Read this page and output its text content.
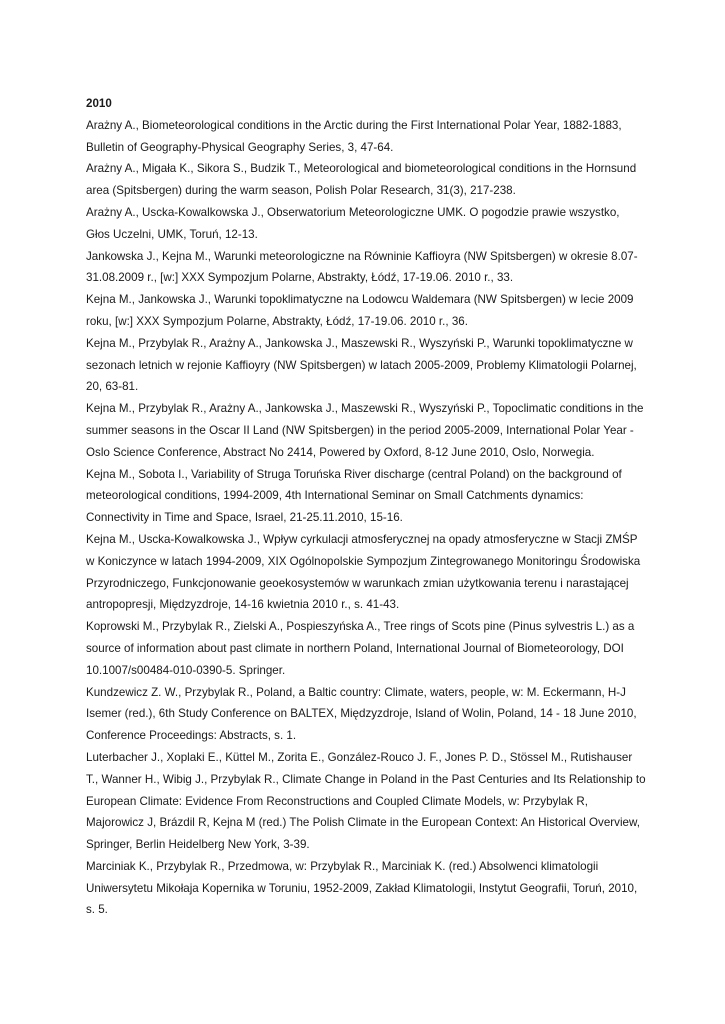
2010

Arażny A., Biometeorological conditions in the Arctic during the First International Polar Year, 1882-1883, Bulletin of Geography-Physical Geography Series, 3, 47-64.

Arażny A., Migała K., Sikora S., Budzik T., Meteorological and biometeorological conditions in the Hornsund area (Spitsbergen) during the warm season, Polish Polar Research, 31(3), 217-238.

Arażny A., Uscka-Kowalkowska J., Obserwatorium Meteorologiczne UMK. O pogodzie prawie wszystko, Głos Uczelni, UMK, Toruń, 12-13.

Jankowska J., Kejna M., Warunki meteorologiczne na Równinie Kaffioyra (NW Spitsbergen) w okresie 8.07-31.08.2009 r., [w:] XXX Sympozjum Polarne, Abstrakty, Łódź, 17-19.06. 2010 r., 33.

Kejna M., Jankowska J., Warunki topoklimatyczne na Lodowcu Waldemara (NW Spitsbergen) w lecie 2009 roku, [w:] XXX Sympozjum Polarne, Abstrakty, Łódź, 17-19.06. 2010 r., 36.

Kejna M., Przybylak R., Arażny A., Jankowska J., Maszewski R., Wyszyński P., Warunki topoklimatyczne w sezonach letnich w rejonie Kaffioyry (NW Spitsbergen) w latach 2005-2009, Problemy Klimatologii Polarnej, 20, 63-81.

Kejna M., Przybylak R., Arażny A., Jankowska J., Maszewski R., Wyszyński P., Topoclimatic conditions in the summer seasons in the Oscar II Land (NW Spitsbergen) in the period 2005-2009, International Polar Year - Oslo Science Conference, Abstract No 2414, Powered by Oxford, 8-12 June 2010, Oslo, Norwegia.

Kejna M., Sobota I., Variability of Struga Toruńska River discharge (central Poland) on the background of meteorological conditions, 1994-2009, 4th International Seminar on Small Catchments dynamics: Connectivity in Time and Space, Israel, 21-25.11.2010, 15-16.

Kejna M., Uscka-Kowalkowska J., Wpływ cyrkulacji atmosferycznej na opady atmosferyczne w Stacji ZMŚP w Koniczynce w latach 1994-2009, XIX Ogólnopolskie Sympozjum Zintegrowanego Monitoringu Środowiska Przyrodniczego, Funkcjonowanie geoekosystemów w warunkach zmian użytkowania terenu i narastającej antropopresji, Międzyzdroje, 14-16 kwietnia 2010 r., s. 41-43.

Koprowski M., Przybylak R., Zielski A., Pospieszyńska A., Tree rings of Scots pine (Pinus sylvestris L.) as a source of information about past climate in northern Poland, International Journal of Biometeorology, DOI 10.1007/s00484-010-0390-5. Springer.

Kundzewicz Z. W., Przybylak R., Poland, a Baltic country: Climate, waters, people, w: M. Eckermann, H-J Isemer (red.), 6th Study Conference on BALTEX, Międzyzdroje, Island of Wolin, Poland, 14 - 18 June 2010, Conference Proceedings: Abstracts, s. 1.

Luterbacher J., Xoplaki E., Küttel M., Zorita E., González-Rouco J. F., Jones P. D., Stössel M., Rutishauser T., Wanner H., Wibig J., Przybylak R., Climate Change in Poland in the Past Centuries and Its Relationship to European Climate: Evidence From Reconstructions and Coupled Climate Models, w: Przybylak R, Majorowicz J, Brázdil R, Kejna M (red.) The Polish Climate in the European Context: An Historical Overview, Springer, Berlin Heidelberg New York, 3-39.

Marciniak K., Przybylak R., Przedmowa, w: Przybylak R., Marciniak K. (red.) Absolwenci klimatologii Uniwersytetu Mikołaja Kopernika w Toruniu, 1952-2009, Zakład Klimatologii, Instytut Geografii, Toruń, 2010, s. 5.
